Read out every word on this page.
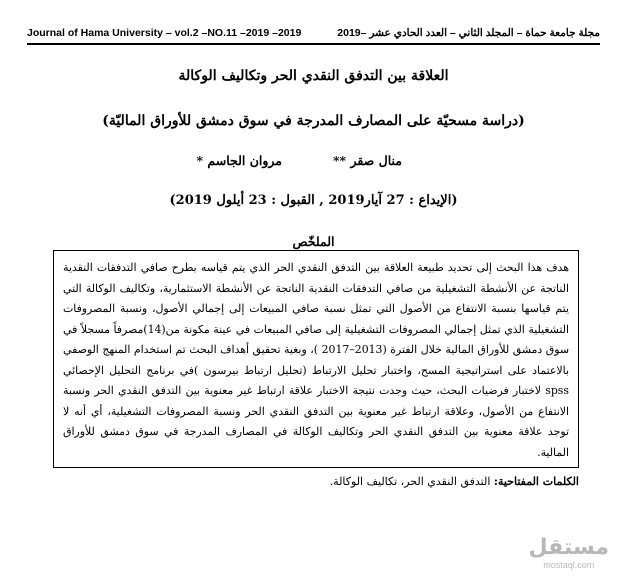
Journal of Hama University – vol.2 –NO.11 –2019 –2019	مجلة جامعة حماة – المجلد الثاني – العدد الحادي عشر –2019
العلاقة بين التدفق النقدي الحر وتكاليف الوكالة
(دراسة مسحيّة على المصارف المدرجة في سوق دمشق للأوراق الماليّة)
منال صقر **
مروان الجاسم *
(الإيداع : 27 آيار2019 , القبول : 23 أيلول 2019)
الملخّص

هدف هذا البحث إلى تحديد طبيعة العلاقة بين التدفق النقدي الحر الذي يتم قياسه بطرح صافي التدفقات النقدية الناتجة عن الأنشطة التشغيلية من صافي التدفقات النقدية الناتجة عن الأنشطة الاستثمارية، وتكاليف الوكالة التي يتم قياسها بنسبة الانتفاع من الأصول التي تمثل نسبة صافي المبيعات إلى إجمالي الأصول، ونسبة المصروفات التشغيلية الذي تمثل إجمالي المصروفات التشغيلية إلى صافي المبيعات في عينة مكونة من(14)مصرفاً مسجلاً في سوق دمشق للأوراق المالية خلال الفترة (2013–2017 )، وبغية تحقيق أهداف البحث تم استخدام المنهج الوصفي بالاعتماد على استراتيجية المسح، واختبار تحليل الارتباط (تحليل ارتباط بيرسون )في برنامج التحليل الإحصائي spss لاختبار فرضيات البحث، حيث وجدت نتيجة الاختبار علاقة ارتباط غير معنوية بين التدفق النقدي الحر ونسبة الانتفاع من الأصول، وعلاقة ارتباط غير معنوية بين التدفق النقدي الحر ونسبة المصروفات التشغيلية، أي أنه لا توجد علاقة معنوية بين التدفق النقدي الحر وتكاليف الوكالة في المصارف المدرجة في سوق دمشق للأوراق المالية.

الكلمات المفتاحية: التدفق النقدي الحر، تكاليف الوكالة.
مستقل
mostaql.com
